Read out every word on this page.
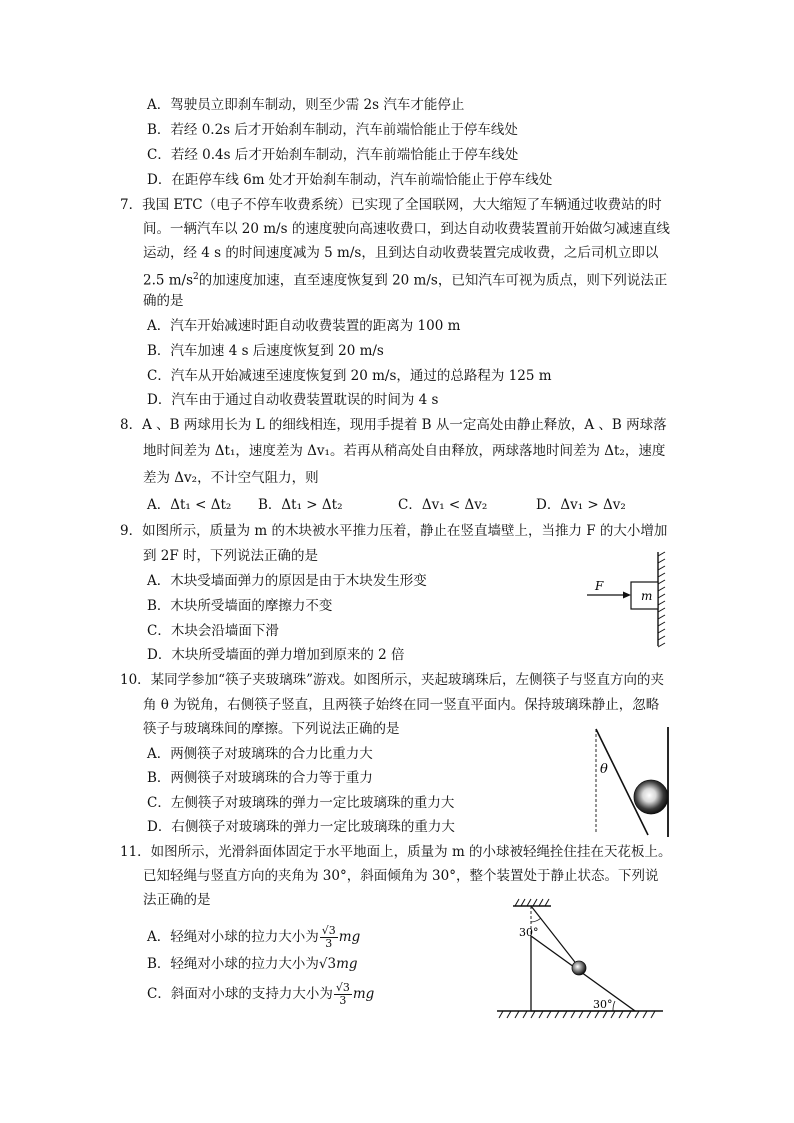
A．驾驶员立即刹车制动，则至少需 2s 汽车才能停止
B．若经 0.2s 后才开始刹车制动，汽车前端恰能止于停车线处
C．若经 0.4s 后才开始刹车制动，汽车前端恰能止于停车线处
D．在距停车线 6m 处才开始刹车制动，汽车前端恰能止于停车线处
7．我国 ETC（电子不停车收费系统）已实现了全国联网，大大缩短了车辆通过收费站的时
间。一辆汽车以 20 m/s 的速度驶向高速收费口，到达自动收费装置前开始做匀减速直线
运动，经 4 s 的时间速度减为 5 m/s，且到达自动收费装置完成收费，之后司机立即以
2.5 $m/s^2$的加速度加速，直至速度恢复到 20 m/s，已知汽车可视为质点，则下列说法正
确的是
A．汽车开始减速时距自动收费装置的距离为 100 m
B．汽车加速 4 s 后速度恢复到 20 m/s
C．汽车从开始减速至速度恢复到 20 m/s，通过的总路程为 125 m
D．汽车由于通过自动收费装置耽误的时间为 4 s
8．A 、B 两球用长为 L 的细线相连，现用手提着 B 从一定高处由静止释放，A 、B 两球落
地时间差为 Δt₁，速度差为 Δv₁。若再从稍高处自由释放，两球落地时间差为 Δt₂，速度
差为 Δv₂，不计空气阻力，则
A．Δt₁ < Δt₂ B．Δt₁ > Δt₂	C．Δv₁ < Δv₂	D．Δv₁ > Δv₂
9．如图所示，质量为 m 的木块被水平推力压着，静止在竖直墙壁上，当推力 F 的大小增加
到 2F 时，下列说法正确的是
A．木块受墙面弹力的原因是由于木块发生形变
B．木块所受墙面的摩擦力不变
C．木块会沿墙面下滑
D．木块所受墙面的弹力增加到原来的 2 倍
m
F
10．某同学参加“筷子夹玻璃珠”游戏。如图所示，夹起玻璃珠后，左侧筷子与竖直方向的夹
角 θ 为锐角，右侧筷子竖直，且两筷子始终在同一竖直平面内。保持玻璃珠静止，忽略
筷子与玻璃珠间的摩擦。下列说法正确的是
A．两侧筷子对玻璃珠的合力比重力大
B．两侧筷子对玻璃珠的合力等于重力
C．左侧筷子对玻璃珠的弹力一定比玻璃珠的重力大
D．右侧筷子对玻璃珠的弹力一定比玻璃珠的重力大
θ
11．如图所示，光滑斜面体固定于水平地面上，质量为 m 的小球被轻绳拴住挂在天花板上。
已知轻绳与竖直方向的夹角为 30°，斜面倾角为 30°，整个装置处于静止状态。下列说
法正确的是
A．轻绳对小球的拉力大小为 $\frac{√3}{3}$ mg
B．轻绳对小球的拉力大小为√3mg
C．斜面对小球的支持力大小为 $\frac{√3}{3}$ mg
30°
30°
